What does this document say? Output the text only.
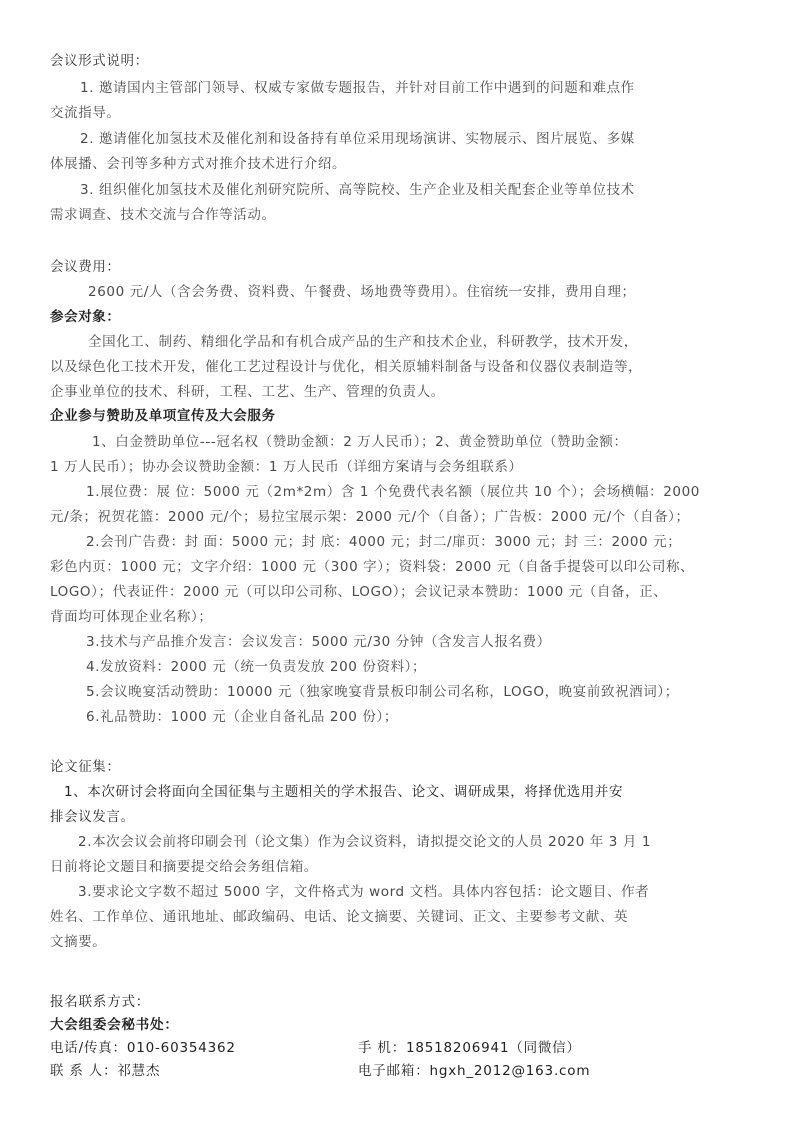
会议形式说明：
1. 邀请国内主管部门领导、权威专家做专题报告，并针对目前工作中遇到的问题和难点作
交流指导。
2. 邀请催化加氢技术及催化剂和设备持有单位采用现场演讲、实物展示、图片展览、多媒
体展播、会刊等多种方式对推介技术进行介绍。
3. 组织催化加氢技术及催化剂研究院所、高等院校、生产企业及相关配套企业等单位技术
需求调查、技术交流与合作等活动。
会议费用：
2600 元/人（含会务费、资料费、午餐费、场地费等费用）。住宿统一安排，费用自理；
参会对象：
全国化工、制药、精细化学品和有机合成产品的生产和技术企业，科研教学，技术开发，
以及绿色化工技术开发，催化工艺过程设计与优化，相关原辅料制备与设备和仪器仪表制造等，
企事业单位的技术、科研，工程、工艺、生产、管理的负责人。
企业参与赞助及单项宣传及大会服务
1、白金赞助单位---冠名权（赞助金额：2 万人民币）；2、黄金赞助单位（赞助金额：
1 万人民币）；协办会议赞助金额：1 万人民币（详细方案请与会务组联系）
1.展位费：展 位：5000 元（2m*2m）含 1 个免费代表名额（展位共 10 个）；会场横幅：2000
元/条；祝贺花篮：2000 元/个；易拉宝展示架：2000 元/个（自备）；广告板：2000 元/个（自备）；
2.会刊广告费：封 面：5000 元；封 底：4000 元；封二/扉页：3000 元；封 三：2000 元；
彩色内页：1000 元；文字介绍：1000 元（300 字）；资料袋：2000 元（自备手提袋可以印公司称、
LOGO）；代表证件：2000 元（可以印公司称、LOGO）；会议记录本赞助：1000 元（自备，正、
背面均可体现企业名称）；
3.技术与产品推介发言：会议发言：5000 元/30 分钟（含发言人报名费）
4.发放资料：2000 元（统一负责发放 200 份资料）；
5.会议晚宴活动赞助：10000 元（独家晚宴背景板印制公司名称，LOGO，晚宴前致祝酒词）；
6.礼品赞助：1000 元（企业自备礼品 200 份）；
论文征集：
1、本次研讨会将面向全国征集与主题相关的学术报告、论文、调研成果，将择优选用并安
排会议发言。
2.本次会议会前将印刷会刊（论文集）作为会议资料，请拟提交论文的人员 2020 年 3 月 1
日前将论文题目和摘要提交给会务组信箱。
3.要求论文字数不超过 5000 字，文件格式为 word 文档。具体内容包括：论文题目、作者
姓名、工作单位、通讯地址、邮政编码、电话、论文摘要、关键词、正文、主要参考文献、英
文摘要。
报名联系方式：
大会组委会秘书处：
电话/传真：010-60354362	手 机：18518206941（同微信）
联 系 人：祁慧杰	电子邮箱：hgxh_2012@163.com
